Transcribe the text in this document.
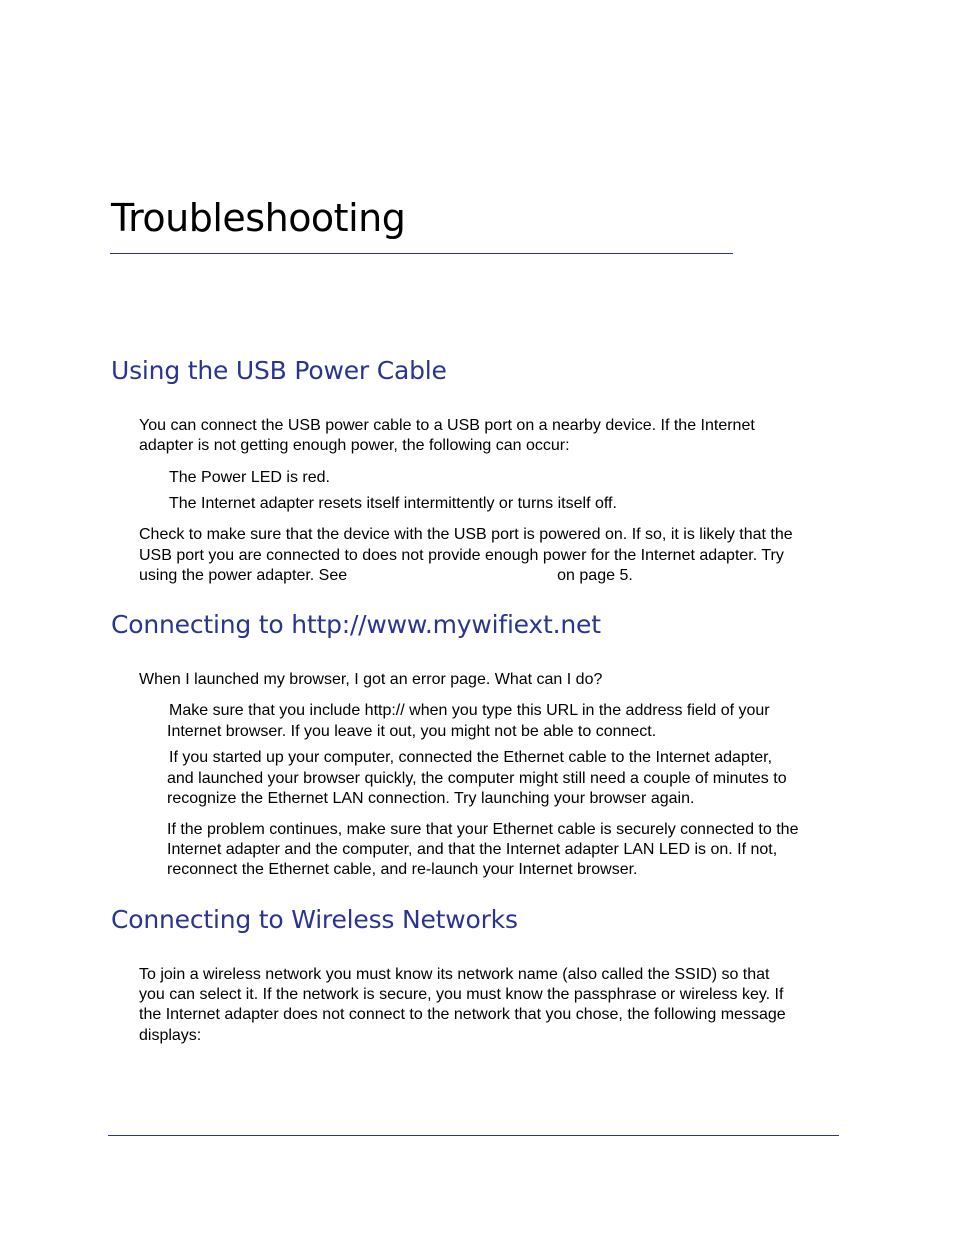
Troubleshooting
Using the USB Power Cable

You can connect the USB power cable to a USB port on a nearby device. If the Internet

adapter is not getting enough power, the following can occur:

The Power LED is red.

The Internet adapter resets itself intermittently or turns itself off.

Check to make sure that the device with the USB port is powered on. If so, it is likely that the

USB port you are connected to does not provide enough power for the Internet adapter. Try

using the power adapter. See	on page 5.

Connecting to http://www.mywifiext.net

When I launched my browser, I got an error page. What can I do?

Make sure that you include http:// when you type this URL in the address field of your

Internet browser. If you leave it out, you might not be able to connect.

If you started up your computer, connected the Ethernet cable to the Internet adapter,

and launched your browser quickly, the computer might still need a couple of minutes to

recognize the Ethernet LAN connection. Try launching your browser again.

If the problem continues, make sure that your Ethernet cable is securely connected to the

Internet adapter and the computer, and that the Internet adapter LAN LED is on. If not,

reconnect the Ethernet cable, and re-launch your Internet browser.

Connecting to Wireless Networks

To join a wireless network you must know its network name (also called the SSID) so that

you can select it. If the network is secure, you must know the passphrase or wireless key. If

the Internet adapter does not connect to the network that you chose, the following message

displays:
